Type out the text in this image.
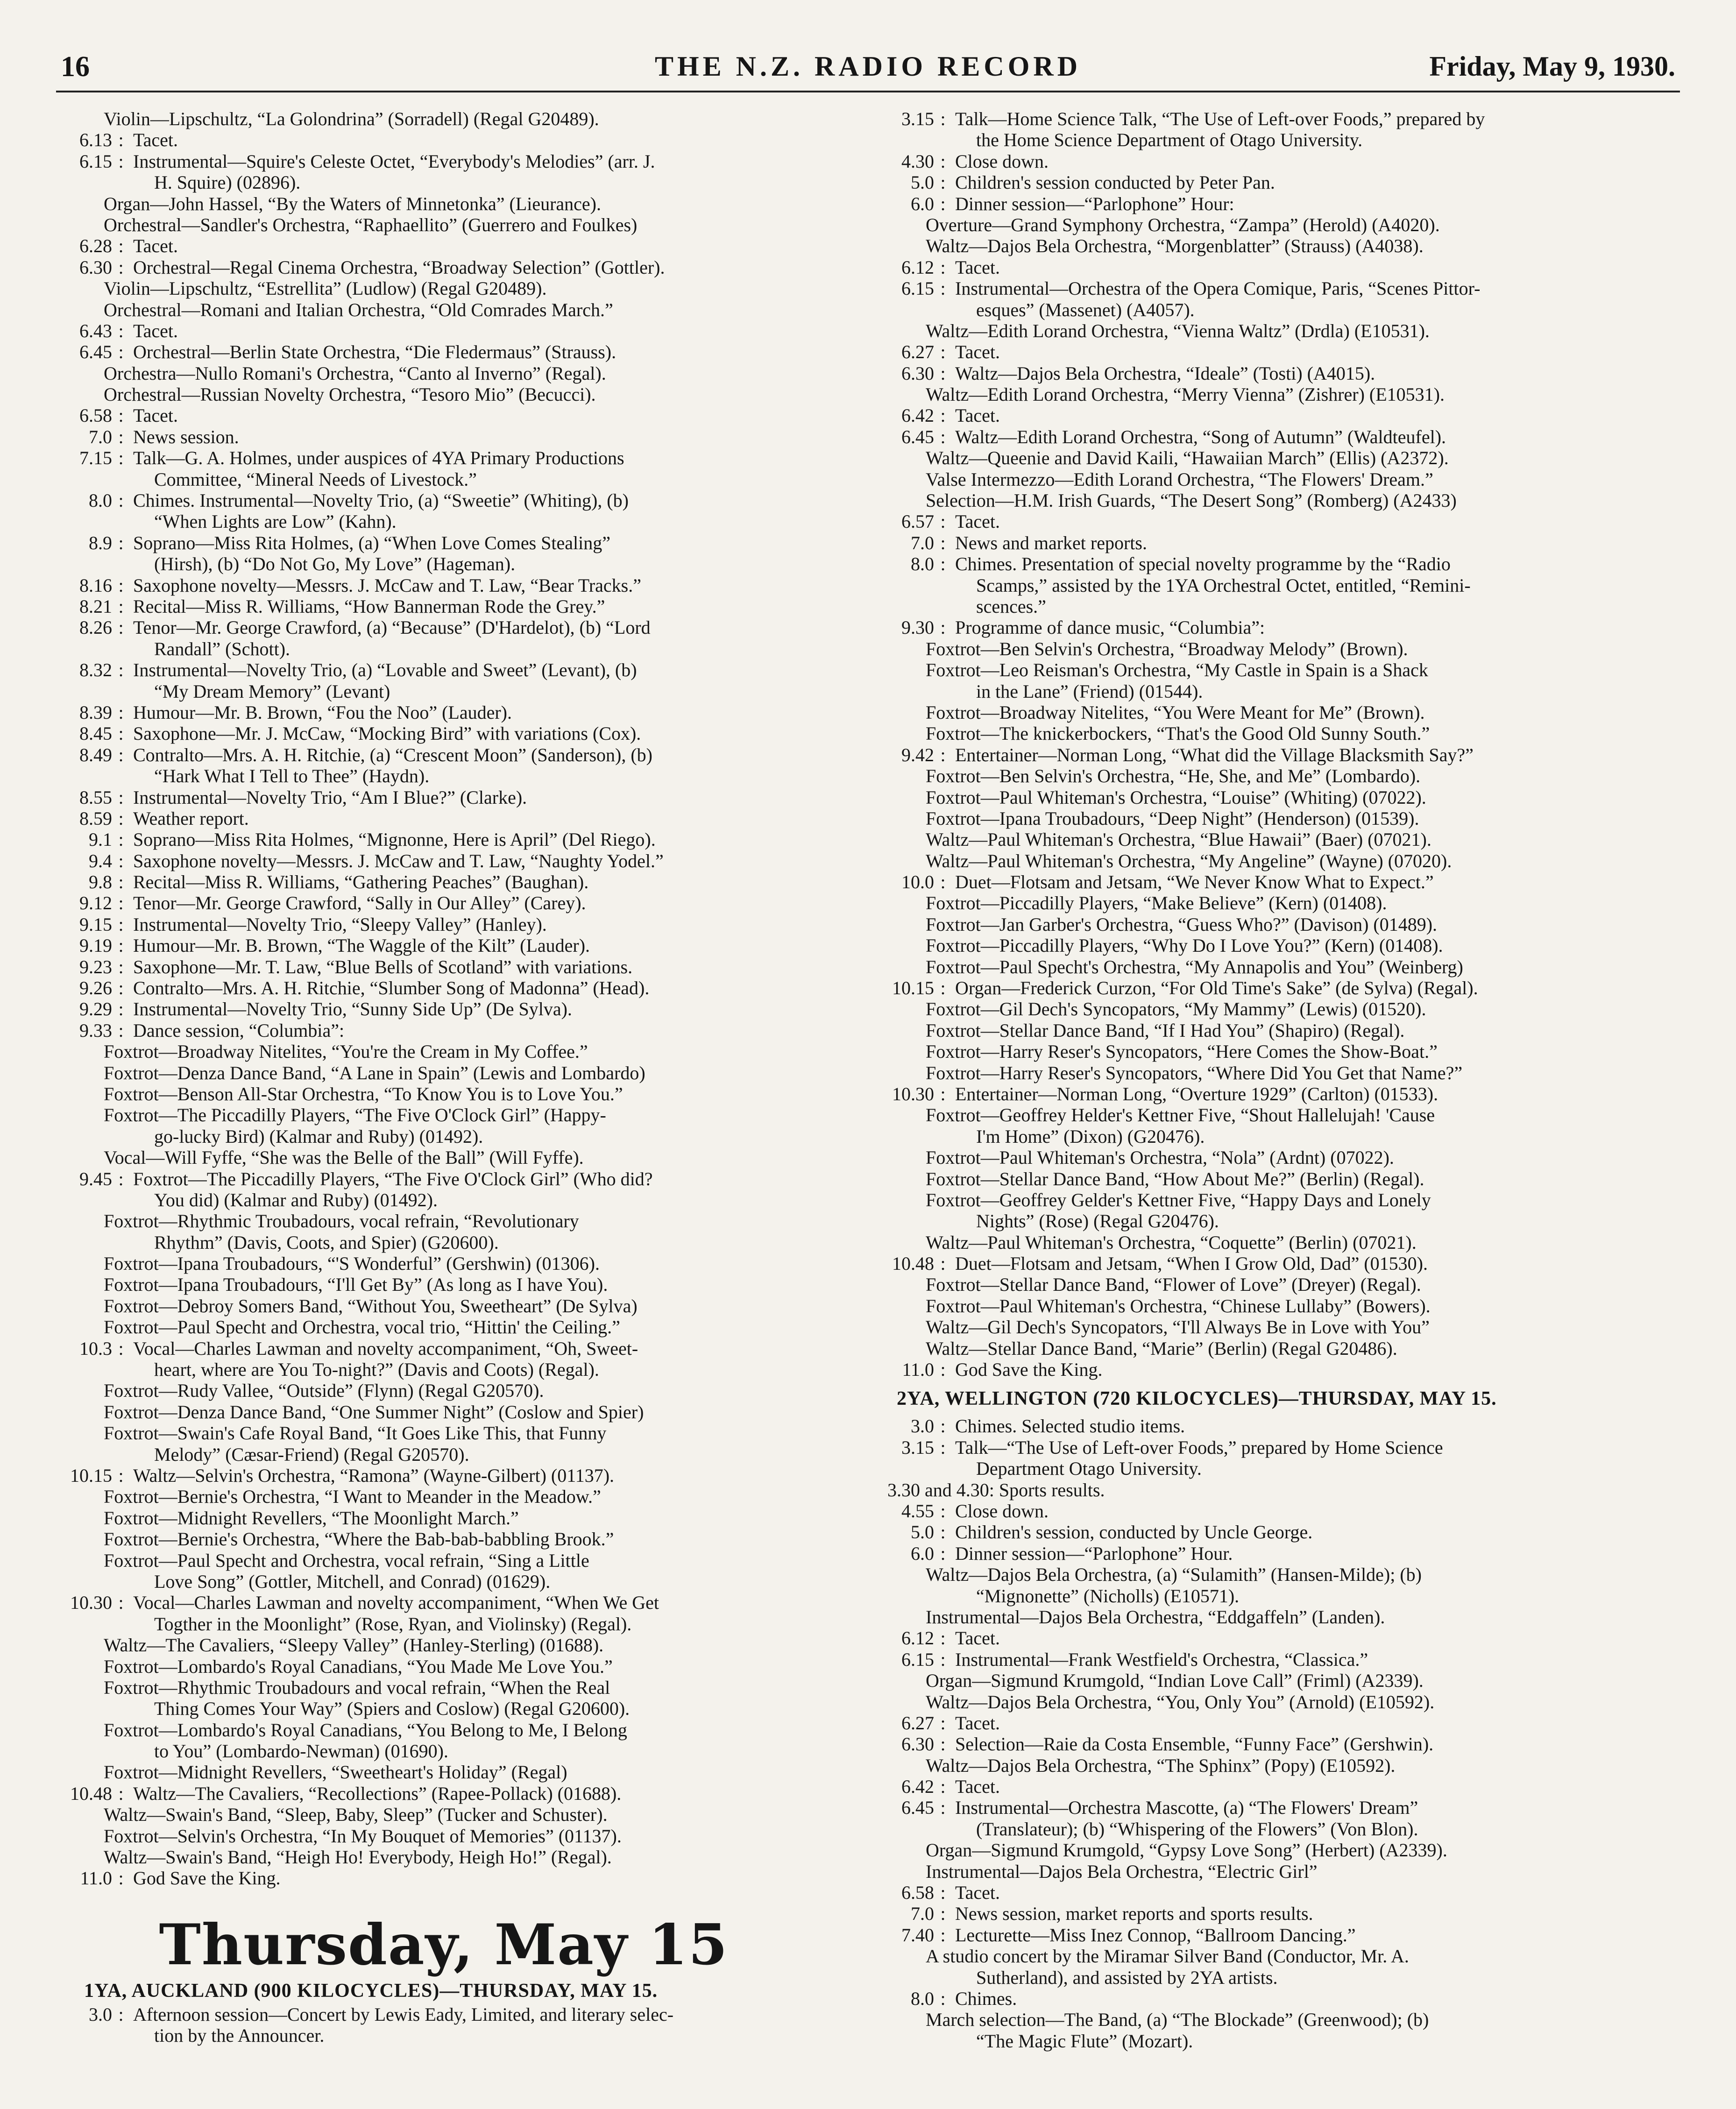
16	THE N.Z. RADIO RECORD	Friday, May 9, 1930.
Violin—Lipschultz, “La Golondrina” (Sorradell) (Regal G20489).
6.13 : Tacet.
6.15 : Instrumental—Squire's Celeste Octet, “Everybody's Melodies” (arr. J.
H. Squire) (02896).
Organ—John Hassel, “By the Waters of Minnetonka” (Lieurance).
Orchestral—Sandler's Orchestra, “Raphaellito” (Guerrero and Foulkes)
6.28 : Tacet.
6.30 : Orchestral—Regal Cinema Orchestra, “Broadway Selection” (Gottler).
Violin—Lipschultz, “Estrellita” (Ludlow) (Regal G20489).
Orchestral—Romani and Italian Orchestra, “Old Comrades March.”
6.43 : Tacet.
6.45 : Orchestral—Berlin State Orchestra, “Die Fledermaus” (Strauss).
Orchestra—Nullo Romani's Orchestra, “Canto al Inverno” (Regal).
Orchestral—Russian Novelty Orchestra, “Tesoro Mio” (Becucci).
6.58 : Tacet.
7.0 : News session.
7.15 : Talk—G. A. Holmes, under auspices of 4YA Primary Productions
Committee, “Mineral Needs of Livestock.”
8.0 : Chimes. Instrumental—Novelty Trio, (a) “Sweetie” (Whiting), (b)
“When Lights are Low” (Kahn).
8.9 : Soprano—Miss Rita Holmes, (a) “When Love Comes Stealing”
(Hirsh), (b) “Do Not Go, My Love” (Hageman).
8.16 : Saxophone novelty—Messrs. J. McCaw and T. Law, “Bear Tracks.”
8.21 : Recital—Miss R. Williams, “How Bannerman Rode the Grey.”
8.26 : Tenor—Mr. George Crawford, (a) “Because” (D'Hardelot), (b) “Lord
Randall” (Schott).
8.32 : Instrumental—Novelty Trio, (a) “Lovable and Sweet” (Levant), (b)
“My Dream Memory” (Levant)
8.39 : Humour—Mr. B. Brown, “Fou the Noo” (Lauder).
8.45 : Saxophone—Mr. J. McCaw, “Mocking Bird” with variations (Cox).
8.49 : Contralto—Mrs. A. H. Ritchie, (a) “Crescent Moon” (Sanderson), (b)
“Hark What I Tell to Thee” (Haydn).
8.55 : Instrumental—Novelty Trio, “Am I Blue?” (Clarke).
8.59 : Weather report.
9.1 : Soprano—Miss Rita Holmes, “Mignonne, Here is April” (Del Riego).
9.4 : Saxophone novelty—Messrs. J. McCaw and T. Law, “Naughty Yodel.”
9.8 : Recital—Miss R. Williams, “Gathering Peaches” (Baughan).
9.12 : Tenor—Mr. George Crawford, “Sally in Our Alley” (Carey).
9.15 : Instrumental—Novelty Trio, “Sleepy Valley” (Hanley).
9.19 : Humour—Mr. B. Brown, “The Waggle of the Kilt” (Lauder).
9.23 : Saxophone—Mr. T. Law, “Blue Bells of Scotland” with variations.
9.26 : Contralto—Mrs. A. H. Ritchie, “Slumber Song of Madonna” (Head).
9.29 : Instrumental—Novelty Trio, “Sunny Side Up” (De Sylva).
9.33 : Dance session, “Columbia”:
Foxtrot—Broadway Nitelites, “You're the Cream in My Coffee.”
Foxtrot—Denza Dance Band, “A Lane in Spain” (Lewis and Lombardo)
Foxtrot—Benson All-Star Orchestra, “To Know You is to Love You.”
Foxtrot—The Piccadilly Players, “The Five O'Clock Girl” (Happy-
go-lucky Bird) (Kalmar and Ruby) (01492).
Vocal—Will Fyffe, “She was the Belle of the Ball” (Will Fyffe).
9.45 : Foxtrot—The Piccadilly Players, “The Five O'Clock Girl” (Who did?
You did) (Kalmar and Ruby) (01492).
Foxtrot—Rhythmic Troubadours, vocal refrain, “Revolutionary
Rhythm” (Davis, Coots, and Spier) (G20600).
Foxtrot—Ipana Troubadours, “'S Wonderful” (Gershwin) (01306).
Foxtrot—Ipana Troubadours, “I'll Get By” (As long as I have You).
Foxtrot—Debroy Somers Band, “Without You, Sweetheart” (De Sylva)
Foxtrot—Paul Specht and Orchestra, vocal trio, “Hittin' the Ceiling.”
10.3 : Vocal—Charles Lawman and novelty accompaniment, “Oh, Sweet-
heart, where are You To-night?” (Davis and Coots) (Regal).
Foxtrot—Rudy Vallee, “Outside” (Flynn) (Regal G20570).
Foxtrot—Denza Dance Band, “One Summer Night” (Coslow and Spier)
Foxtrot—Swain's Cafe Royal Band, “It Goes Like This, that Funny
Melody” (Cæsar-Friend) (Regal G20570).
10.15 : Waltz—Selvin's Orchestra, “Ramona” (Wayne-Gilbert) (01137).
Foxtrot—Bernie's Orchestra, “I Want to Meander in the Meadow.”
Foxtrot—Midnight Revellers, “The Moonlight March.”
Foxtrot—Bernie's Orchestra, “Where the Bab-bab-babbling Brook.”
Foxtrot—Paul Specht and Orchestra, vocal refrain, “Sing a Little
Love Song” (Gottler, Mitchell, and Conrad) (01629).
10.30 : Vocal—Charles Lawman and novelty accompaniment, “When We Get
Togther in the Moonlight” (Rose, Ryan, and Violinsky) (Regal).
Waltz—The Cavaliers, “Sleepy Valley” (Hanley-Sterling) (01688).
Foxtrot—Lombardo's Royal Canadians, “You Made Me Love You.”
Foxtrot—Rhythmic Troubadours and vocal refrain, “When the Real
Thing Comes Your Way” (Spiers and Coslow) (Regal G20600).
Foxtrot—Lombardo's Royal Canadians, “You Belong to Me, I Belong
to You” (Lombardo-Newman) (01690).
Foxtrot—Midnight Revellers, “Sweetheart's Holiday” (Regal)
10.48 : Waltz—The Cavaliers, “Recollections” (Rapee-Pollack) (01688).
Waltz—Swain's Band, “Sleep, Baby, Sleep” (Tucker and Schuster).
Foxtrot—Selvin's Orchestra, “In My Bouquet of Memories” (01137).
Waltz—Swain's Band, “Heigh Ho! Everybody, Heigh Ho!” (Regal).
11.0 : God Save the King.
Thursday, May 15
1YA, AUCKLAND (900 KILOCYCLES)—THURSDAY, MAY 15.
3.0 : Afternoon session—Concert by Lewis Eady, Limited, and literary selec-
tion by the Announcer.
3.15 : Talk—Home Science Talk, “The Use of Left-over Foods,” prepared by
the Home Science Department of Otago University.
4.30 : Close down.
5.0 : Children's session conducted by Peter Pan.
6.0 : Dinner session—“Parlophone” Hour:
Overture—Grand Symphony Orchestra, “Zampa” (Herold) (A4020).
Waltz—Dajos Bela Orchestra, “Morgenblatter” (Strauss) (A4038).
6.12 : Tacet.
6.15 : Instrumental—Orchestra of the Opera Comique, Paris, “Scenes Pittor-
esques” (Massenet) (A4057).
Waltz—Edith Lorand Orchestra, “Vienna Waltz” (Drdla) (E10531).
6.27 : Tacet.
6.30 : Waltz—Dajos Bela Orchestra, “Ideale” (Tosti) (A4015).
Waltz—Edith Lorand Orchestra, “Merry Vienna” (Zishrer) (E10531).
6.42 : Tacet.
6.45 : Waltz—Edith Lorand Orchestra, “Song of Autumn” (Waldteufel).
Waltz—Queenie and David Kaili, “Hawaiian March” (Ellis) (A2372).
Valse Intermezzo—Edith Lorand Orchestra, “The Flowers' Dream.”
Selection—H.M. Irish Guards, “The Desert Song” (Romberg) (A2433)
6.57 : Tacet.
7.0 : News and market reports.
8.0 : Chimes. Presentation of special novelty programme by the “Radio
Scamps,” assisted by the 1YA Orchestral Octet, entitled, “Remini-
scences.”
9.30 : Programme of dance music, “Columbia”:
Foxtrot—Ben Selvin's Orchestra, “Broadway Melody” (Brown).
Foxtrot—Leo Reisman's Orchestra, “My Castle in Spain is a Shack
in the Lane” (Friend) (01544).
Foxtrot—Broadway Nitelites, “You Were Meant for Me” (Brown).
Foxtrot—The knickerbockers, “That's the Good Old Sunny South.”
9.42 : Entertainer—Norman Long, “What did the Village Blacksmith Say?”
Foxtrot—Ben Selvin's Orchestra, “He, She, and Me” (Lombardo).
Foxtrot—Paul Whiteman's Orchestra, “Louise” (Whiting) (07022).
Foxtrot—Ipana Troubadours, “Deep Night” (Henderson) (01539).
Waltz—Paul Whiteman's Orchestra, “Blue Hawaii” (Baer) (07021).
Waltz—Paul Whiteman's Orchestra, “My Angeline” (Wayne) (07020).
10.0 : Duet—Flotsam and Jetsam, “We Never Know What to Expect.”
Foxtrot—Piccadilly Players, “Make Believe” (Kern) (01408).
Foxtrot—Jan Garber's Orchestra, “Guess Who?” (Davison) (01489).
Foxtrot—Piccadilly Players, “Why Do I Love You?” (Kern) (01408).
Foxtrot—Paul Specht's Orchestra, “My Annapolis and You” (Weinberg)
10.15 : Organ—Frederick Curzon, “For Old Time's Sake” (de Sylva) (Regal).
Foxtrot—Gil Dech's Syncopators, “My Mammy” (Lewis) (01520).
Foxtrot—Stellar Dance Band, “If I Had You” (Shapiro) (Regal).
Foxtrot—Harry Reser's Syncopators, “Here Comes the Show-Boat.”
Foxtrot—Harry Reser's Syncopators, “Where Did You Get that Name?”
10.30 : Entertainer—Norman Long, “Overture 1929” (Carlton) (01533).
Foxtrot—Geoffrey Helder's Kettner Five, “Shout Hallelujah! 'Cause
I'm Home” (Dixon) (G20476).
Foxtrot—Paul Whiteman's Orchestra, “Nola” (Ardnt) (07022).
Foxtrot—Stellar Dance Band, “How About Me?” (Berlin) (Regal).
Foxtrot—Geoffrey Gelder's Kettner Five, “Happy Days and Lonely
Nights” (Rose) (Regal G20476).
Waltz—Paul Whiteman's Orchestra, “Coquette” (Berlin) (07021).
10.48 : Duet—Flotsam and Jetsam, “When I Grow Old, Dad” (01530).
Foxtrot—Stellar Dance Band, “Flower of Love” (Dreyer) (Regal).
Foxtrot—Paul Whiteman's Orchestra, “Chinese Lullaby” (Bowers).
Waltz—Gil Dech's Syncopators, “I'll Always Be in Love with You”
Waltz—Stellar Dance Band, “Marie” (Berlin) (Regal G20486).
11.0 : God Save the King.
2YA, WELLINGTON (720 KILOCYCLES)—THURSDAY, MAY 15.
3.0 : Chimes. Selected studio items.
3.15 : Talk—“The Use of Left-over Foods,” prepared by Home Science
Department Otago University.
3.30 and 4.30: Sports results.
4.55 : Close down.
5.0 : Children's session, conducted by Uncle George.
6.0 : Dinner session—“Parlophone” Hour.
Waltz—Dajos Bela Orchestra, (a) “Sulamith” (Hansen-Milde); (b)
“Mignonette” (Nicholls) (E10571).
Instrumental—Dajos Bela Orchestra, “Eddgaffeln” (Landen).
6.12 : Tacet.
6.15 : Instrumental—Frank Westfield's Orchestra, “Classica.”
Organ—Sigmund Krumgold, “Indian Love Call” (Friml) (A2339).
Waltz—Dajos Bela Orchestra, “You, Only You” (Arnold) (E10592).
6.27 : Tacet.
6.30 : Selection—Raie da Costa Ensemble, “Funny Face” (Gershwin).
Waltz—Dajos Bela Orchestra, “The Sphinx” (Popy) (E10592).
6.42 : Tacet.
6.45 : Instrumental—Orchestra Mascotte, (a) “The Flowers' Dream”
(Translateur); (b) “Whispering of the Flowers” (Von Blon).
Organ—Sigmund Krumgold, “Gypsy Love Song” (Herbert) (A2339).
Instrumental—Dajos Bela Orchestra, “Electric Girl”
6.58 : Tacet.
7.0 : News session, market reports and sports results.
7.40 : Lecturette—Miss Inez Connop, “Ballroom Dancing.”
A studio concert by the Miramar Silver Band (Conductor, Mr. A.
Sutherland), and assisted by 2YA artists.
8.0 : Chimes.
March selection—The Band, (a) “The Blockade” (Greenwood); (b)
“The Magic Flute” (Mozart).
